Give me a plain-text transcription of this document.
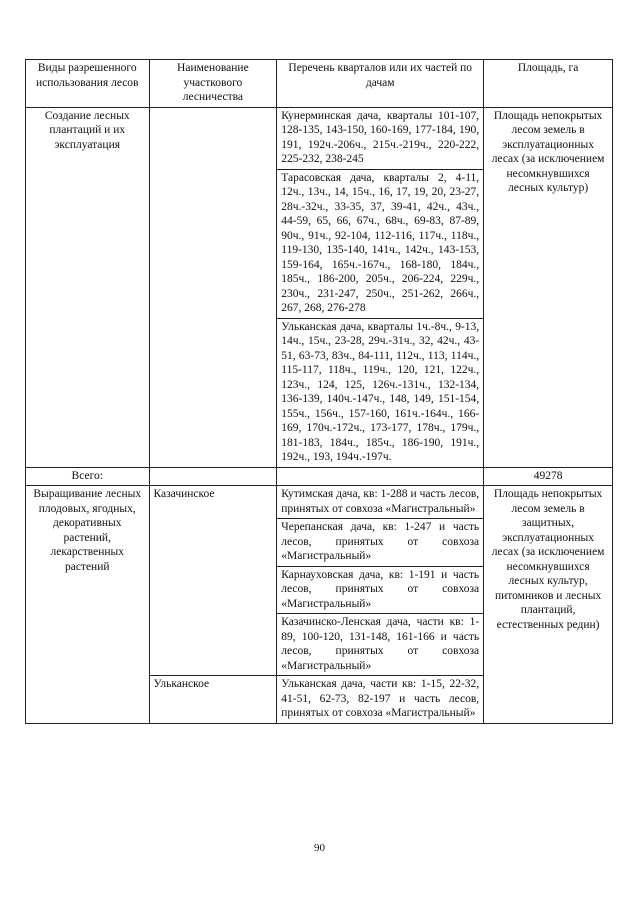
Виды разрешенного использования лесов	Наименование участкового лесничества	Перечень кварталов или их частей по дачам	Площадь, га
Создание лесных плантаций и их эксплуатация		Кунерминская дача, кварталы 101-107, 128-135, 143-150, 160-169, 177-184, 190, 191, 192ч.-206ч., 215ч.-219ч., 220-222, 225-232, 238-245	Площадь непокрытых лесом земель в эксплуатационных лесах (за исключением несомкнувшихся лесных культур)
		Тарасовская дача, кварталы 2, 4-11, 12ч., 13ч., 14, 15ч., 16, 17, 19, 20, 23-27, 28ч.-32ч., 33-35, 37, 39-41, 42ч., 43ч., 44-59, 65, 66, 67ч., 68ч., 69-83, 87-89, 90ч., 91ч., 92-104, 112-116, 117ч., 118ч., 119-130, 135-140, 141ч., 142ч., 143-153, 159-164, 165ч.-167ч., 168-180, 184ч., 185ч., 186-200, 205ч., 206-224, 229ч., 230ч., 231-247, 250ч., 251-262, 266ч., 267, 268, 276-278	
		Ульканская дача, кварталы 1ч.-8ч., 9-13, 14ч., 15ч., 23-28, 29ч.-31ч., 32, 42ч., 43-51, 63-73, 83ч., 84-111, 112ч., 113, 114ч., 115-117, 118ч., 119ч., 120, 121, 122ч., 123ч., 124, 125, 126ч.-131ч., 132-134, 136-139, 140ч.-147ч., 148, 149, 151-154, 155ч., 156ч., 157-160, 161ч.-164ч., 166-169, 170ч.-172ч., 173-177, 178ч., 179ч., 181-183, 184ч., 185ч., 186-190, 191ч., 192ч., 193, 194ч.-197ч.	
Всего:			49278
Выращивание лесных плодовых, ягодных, декоративных растений, лекарственных растений	Казачинское	Кутимская дача, кв: 1-288 и часть лесов, принятых от совхоза «Магистральный»	Площадь непокрытых лесом земель в защитных, эксплуатационных лесах (за исключением несомкнувшихся лесных культур, питомников и лесных плантаций, естественных редин)
		Черепанская дача, кв: 1-247 и часть лесов, принятых от совхоза «Магистральный»	
		Карнауховская дача, кв: 1-191 и часть лесов, принятых от совхоза «Магистральный»	
		Казачинско-Ленская дача, части кв: 1-89, 100-120, 131-148, 161-166 и часть лесов, принятых от совхоза «Магистральный»	
	Ульканское	Ульканская дача, части кв: 1-15, 22-32, 41-51, 62-73, 82-197 и часть лесов, принятых от совхоза «Магистральный»	
90
